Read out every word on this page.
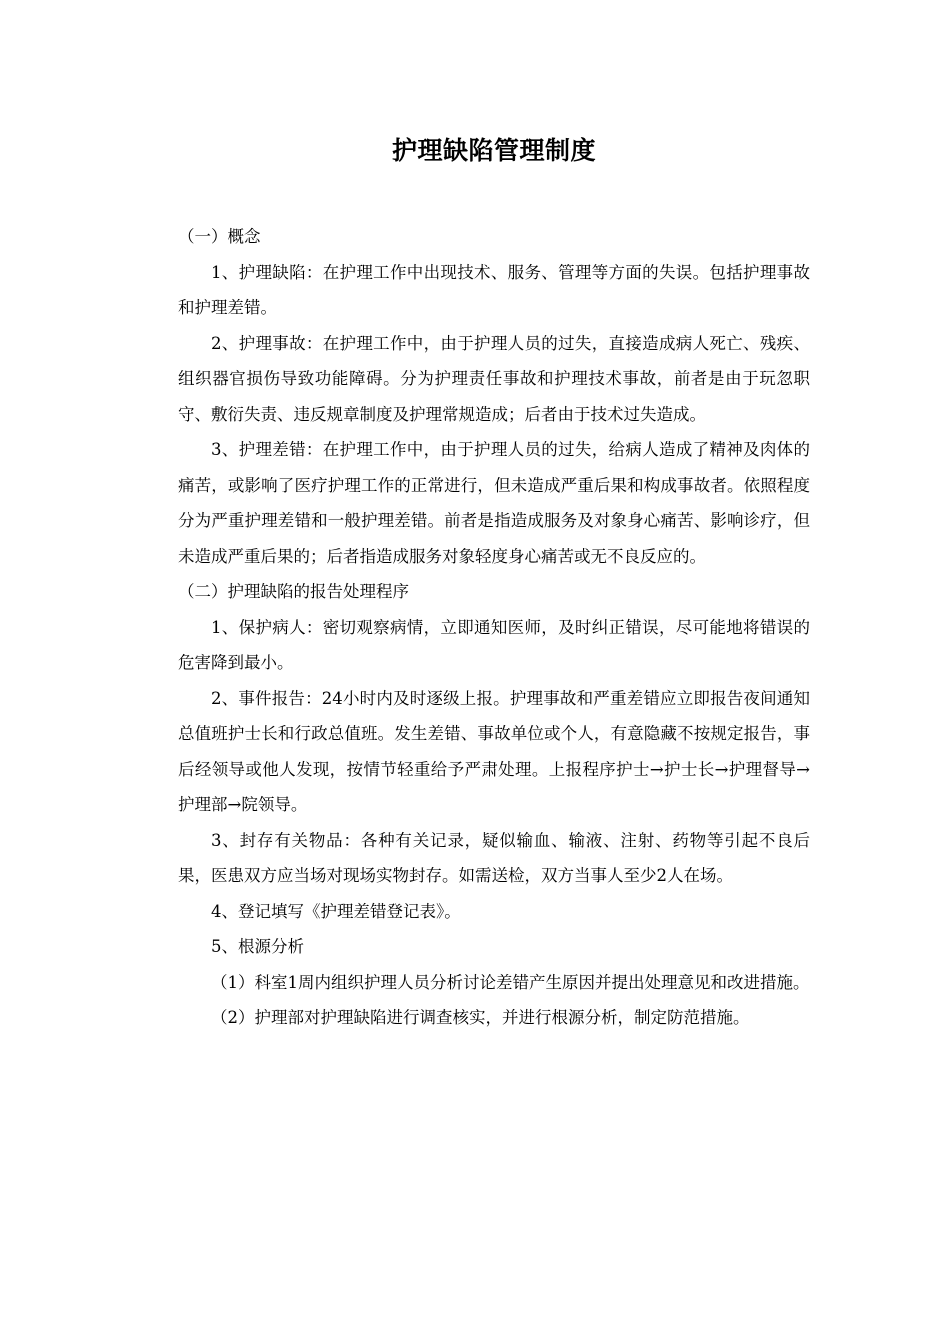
护理缺陷管理制度

（一）概念

1、护理缺陷：在护理工作中出现技术、服务、管理等方面的失误。包括护理事故和护理差错。

2、护理事故：在护理工作中，由于护理人员的过失，直接造成病人死亡、残疾、组织器官损伤导致功能障碍。分为护理责任事故和护理技术事故，前者是由于玩忽职守、敷衍失责、违反规章制度及护理常规造成；后者由于技术过失造成。

3、护理差错：在护理工作中，由于护理人员的过失，给病人造成了精神及肉体的痛苦，或影响了医疗护理工作的正常进行，但未造成严重后果和构成事故者。依照程度分为严重护理差错和一般护理差错。前者是指造成服务及对象身心痛苦、影响诊疗，但未造成严重后果的；后者指造成服务对象轻度身心痛苦或无不良反应的。

（二）护理缺陷的报告处理程序

1、保护病人：密切观察病情，立即通知医师，及时纠正错误，尽可能地将错误的危害降到最小。

2、事件报告：24小时内及时逐级上报。护理事故和严重差错应立即报告夜间通知总值班护士长和行政总值班。发生差错、事故单位或个人，有意隐藏不按规定报告，事后经领导或他人发现，按情节轻重给予严肃处理。上报程序护士→护士长→护理督导→护理部→院领导。

3、封存有关物品：各种有关记录，疑似输血、输液、注射、药物等引起不良后果，医患双方应当场对现场实物封存。如需送检，双方当事人至少2人在场。

4、登记填写《护理差错登记表》。

5、根源分析

（1）科室1周内组织护理人员分析讨论差错产生原因并提出处理意见和改进措施。

（2）护理部对护理缺陷进行调查核实，并进行根源分析，制定防范措施。
